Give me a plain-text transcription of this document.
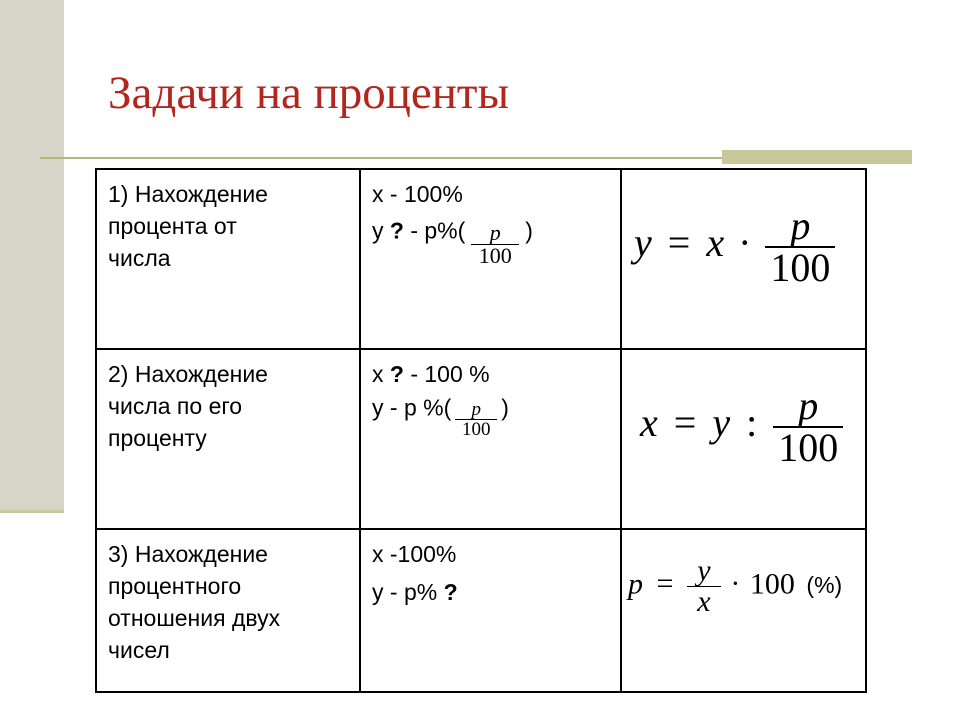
Задачи на проценты
1) Нахождение
процента от
числа	x - 100%
y ? - $p\%( \frac{p}{100}$ )	$y = x \cdot \frac{p}{100}$

2) Нахождение
числа по его
проценту	x ? - 100 %
y - p %( $\frac{p}{100}$ )	x = y : $\frac{p}{100}$

3) Нахождение
процентного
отношения двух
чисел	x -100%
y - p% ?	$p = \frac{y}{x} \cdot 100$ (%)
